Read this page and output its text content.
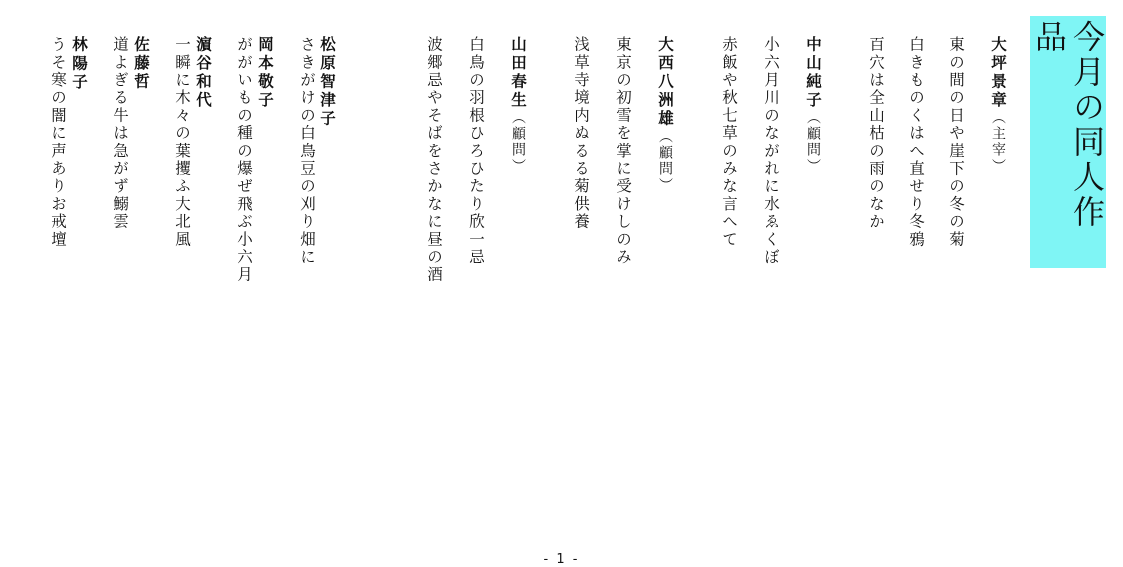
今月の同人作品
大坪景章（主宰）
東の間の日や崖下の冬の菊
白きものくはへ直せり冬鴉
百穴は全山枯の雨のなか
中山純子（顧問）
小六月川のながれに水ゑくぼ
赤飯や秋七草のみな言へて
大西八洲雄（顧問）
東京の初雪を掌に受けしのみ
浅草寺境内ぬるる菊供養
山田春生（顧問）
白鳥の羽根ひろひたり欣一忌
波郷忌やそばをさかなに昼の酒
松原智津子
さきがけの白鳥豆の刈り畑に
ががいもの種の爆ぜ飛ぶ小六月 岡本敬子
一瞬に木々の葉攫ふ大北風 濵谷和代
道よぎる牛は急がず鰯雲 佐藤哲
うそ寒の闇に声ありお戒壇 林陽子
- 1 -
